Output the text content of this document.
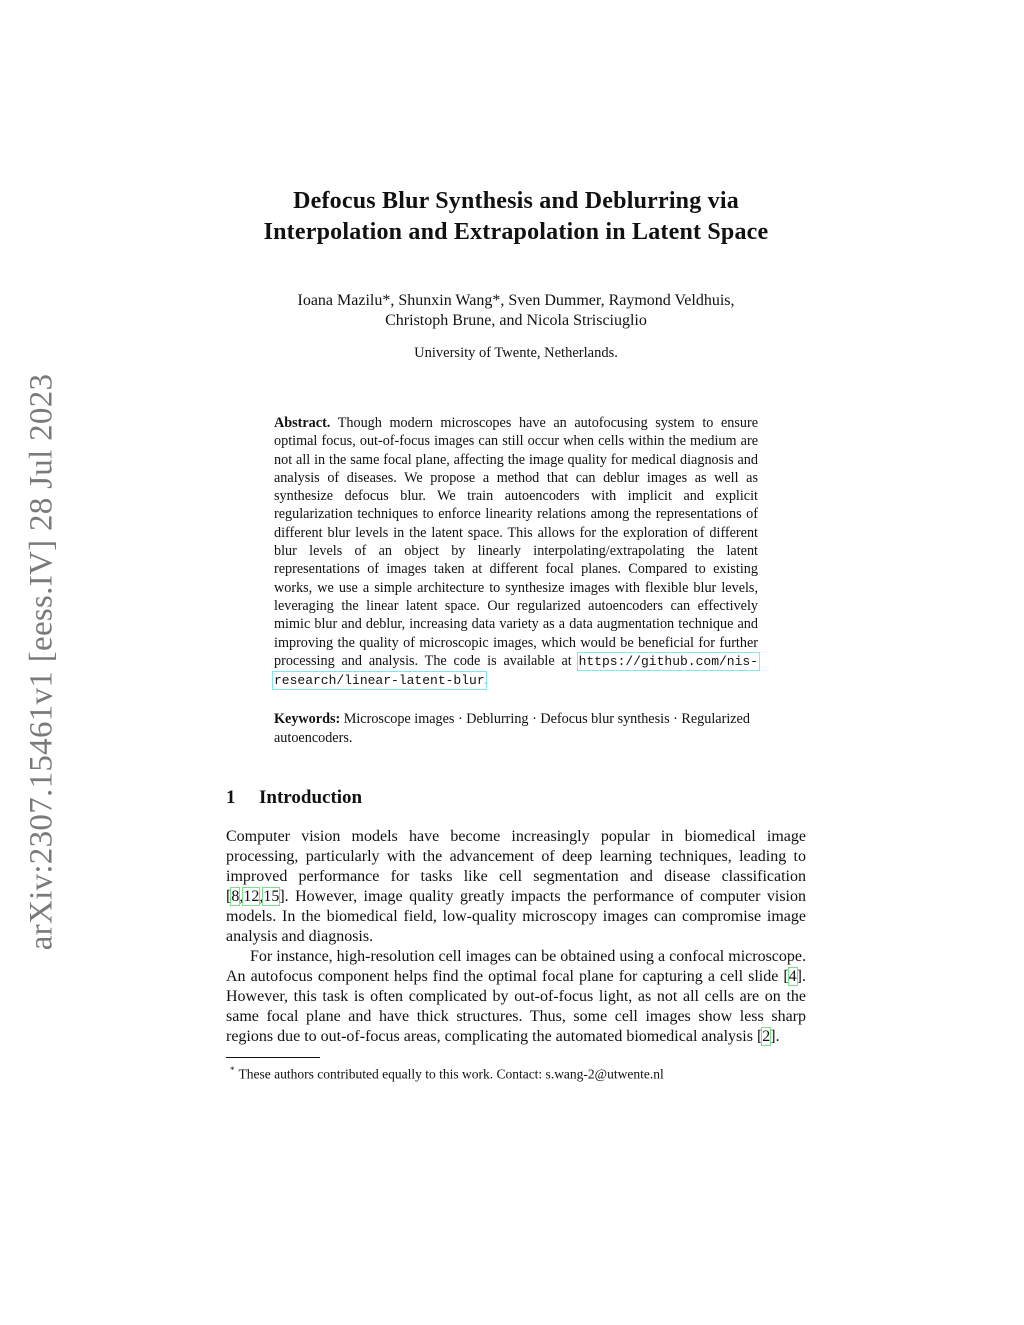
arXiv:2307.15461v1 [eess.IV] 28 Jul 2023
Defocus Blur Synthesis and Deblurring via
Interpolation and Extrapolation in Latent Space
Ioana Mazilu*, Shunxin Wang*, Sven Dummer, Raymond Veldhuis,
Christoph Brune, and Nicola Strisciuglio
University of Twente, Netherlands.
Abstract. Though modern microscopes have an autofocusing system to ensure optimal focus, out-of-focus images can still occur when cells within the medium are not all in the same focal plane, affecting the image quality for medical diagnosis and analysis of diseases. We propose a method that can deblur images as well as synthesize defocus blur. We train autoencoders with implicit and explicit regularization techniques to enforce linearity relations among the representations of different blur levels in the latent space. This allows for the exploration of different blur levels of an object by linearly interpolating/extrapolating the latent representations of images taken at different focal planes. Compared to existing works, we use a simple architecture to synthesize images with flexible blur levels, leveraging the linear latent space. Our regularized autoencoders can effectively mimic blur and deblur, increasing data variety as a data augmentation technique and improving the quality of microscopic images, which would be beneficial for further processing and analysis. The code is available at https://github.com/nis-research/linear-latent-blur.
Keywords: Microscope images · Deblurring · Defocus blur synthesis · Regularized autoencoders.
1 Introduction

Computer vision models have become increasingly popular in biomedical image processing, particularly with the advancement of deep learning techniques, leading to improved performance for tasks like cell segmentation and disease classification [8,12,15]. However, image quality greatly impacts the performance of computer vision models. In the biomedical field, low-quality microscopy images can compromise image analysis and diagnosis.

For instance, high-resolution cell images can be obtained using a confocal microscope. An autofocus component helps find the optimal focal plane for capturing a cell slide [4]. However, this task is often complicated by out-of-focus light, as not all cells are on the same focal plane and have thick structures. Thus, some cell images show less sharp regions due to out-of-focus areas, complicating the automated biomedical analysis [2].

* These authors contributed equally to this work. Contact: s.wang-2@utwente.nl
